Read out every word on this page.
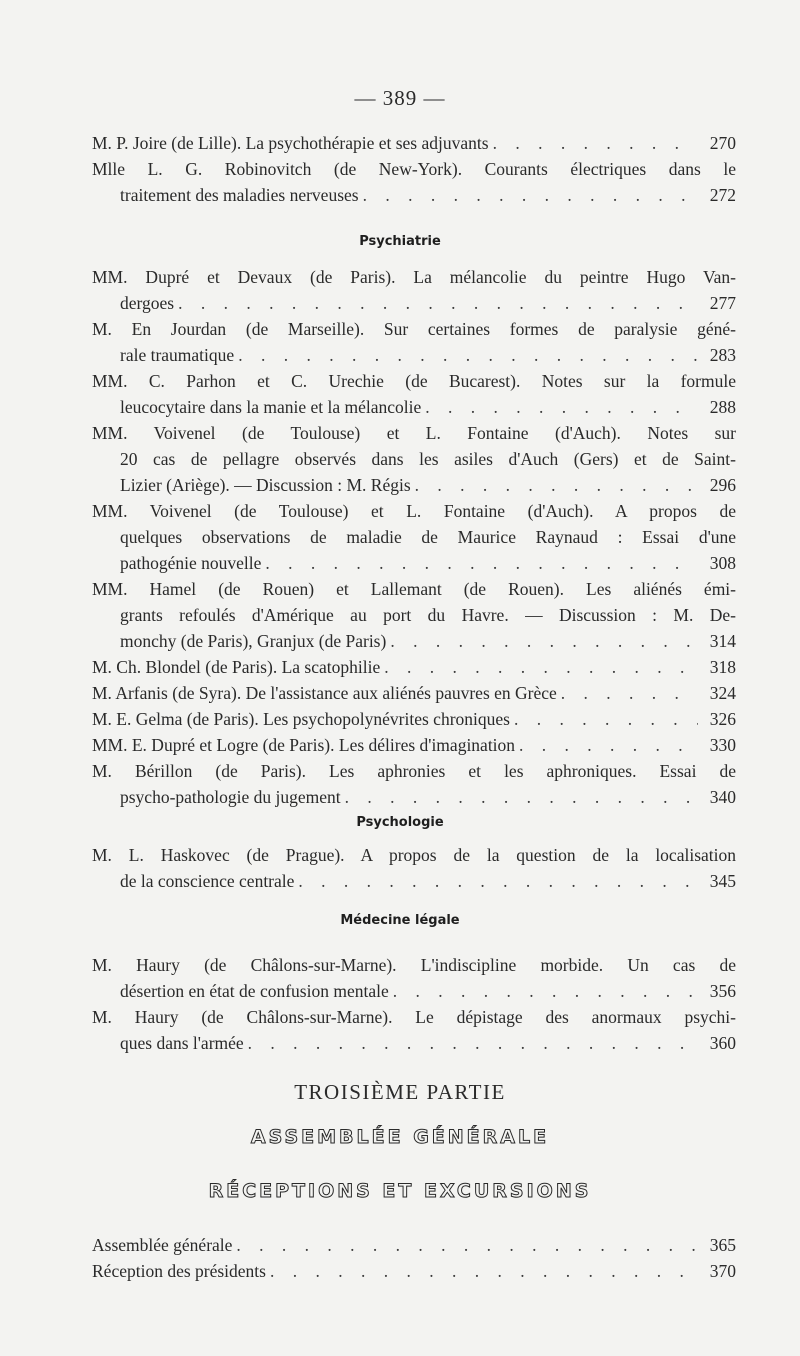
— 389 —
M. P. Joire (de Lille). La psychothérapie et ses adjuvants . . .	270
Mlle L. G. Robinovitch (de New-York). Courants électriques dans le
traitement des maladies nerveuses . . .	272
Psychiatrie
MM. Dupré et Devaux (de Paris). La mélancolie du peintre Hugo Van-
dergoes . . .	277
M. En Jourdan (de Marseille). Sur certaines formes de paralysie géné-
rale traumatique . . .	283
MM. C. Parhon et C. Urechie (de Bucarest). Notes sur la formule
leucocytaire dans la manie et la mélancolie . . .	288
MM. Voivenel (de Toulouse) et L. Fontaine (d'Auch). Notes sur
20 cas de pellagre observés dans les asiles d'Auch (Gers) et de Saint-
Lizier (Ariège). — Discussion : M. Régis . . .	296
MM. Voivenel (de Toulouse) et L. Fontaine (d'Auch). A propos de
quelques observations de maladie de Maurice Raynaud : Essai d'une
pathogénie nouvelle . . .	308
MM. Hamel (de Rouen) et Lallemant (de Rouen). Les aliénés émi-
grants refoulés d'Amérique au port du Havre. — Discussion : M. De-
monchy (de Paris), Granjux (de Paris) . . .	314
M. Ch. Blondel (de Paris). La scatophilie . . .	318
M. Arfanis (de Syra). De l'assistance aux aliénés pauvres en Grèce . . .	324
M. E. Gelma (de Paris). Les psychopolynévrites chroniques . . .	326
MM. E. Dupré et Logre (de Paris). Les délires d'imagination . . .	330
M. Bérillon (de Paris). Les aphronies et les aphroniques. Essai de
psycho-pathologie du jugement . . .	340
Psychologie
M. L. Haskovec (de Prague). A propos de la question de la localisation
de la conscience centrale . . .	345
Médecine légale
M. Haury (de Châlons-sur-Marne). L'indiscipline morbide. Un cas de
désertion en état de confusion mentale . . .	356
M. Haury (de Châlons-sur-Marne). Le dépistage des anormaux psychi-
ques dans l'armée . . .	360
TROISIÈME PARTIE
ASSEMBLÉE GÉNÉRALE
RÉCEPTIONS ET EXCURSIONS
Assemblée générale . . .	365
Réception des présidents . . .	370
